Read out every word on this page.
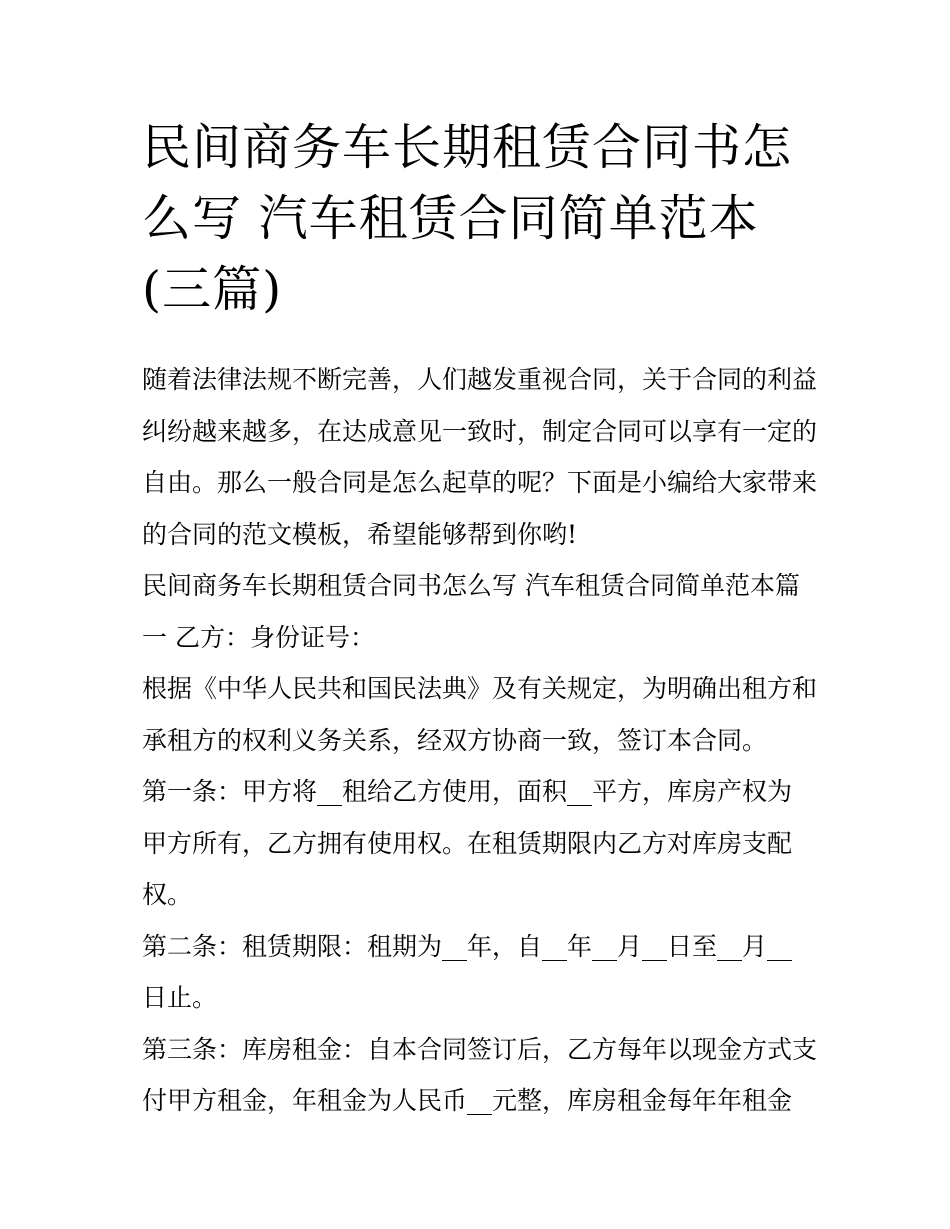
民间商务车长期租赁合同书怎
么写 汽车租赁合同简单范本
(三篇)
随着法律法规不断完善，人们越发重视合同，关于合同的利益
纠纷越来越多，在达成意见一致时，制定合同可以享有一定的
自由。那么一般合同是怎么起草的呢？下面是小编给大家带来
的合同的范文模板，希望能够帮到你哟!
民间商务车长期租赁合同书怎么写 汽车租赁合同简单范本篇
一 乙方：身份证号：
根据《中华人民共和国民法典》及有关规定，为明确出租方和
承租方的权利义务关系，经双方协商一致，签订本合同。
第一条：甲方将__租给乙方使用，面积__平方，库房产权为
甲方所有，乙方拥有使用权。在租赁期限内乙方对库房支配
权。
第二条：租赁期限：租期为__年，自__年__月__日至__月__
日止。
第三条：库房租金：自本合同签订后，乙方每年以现金方式支
付甲方租金，年租金为人民币__元整，库房租金每年年租金
